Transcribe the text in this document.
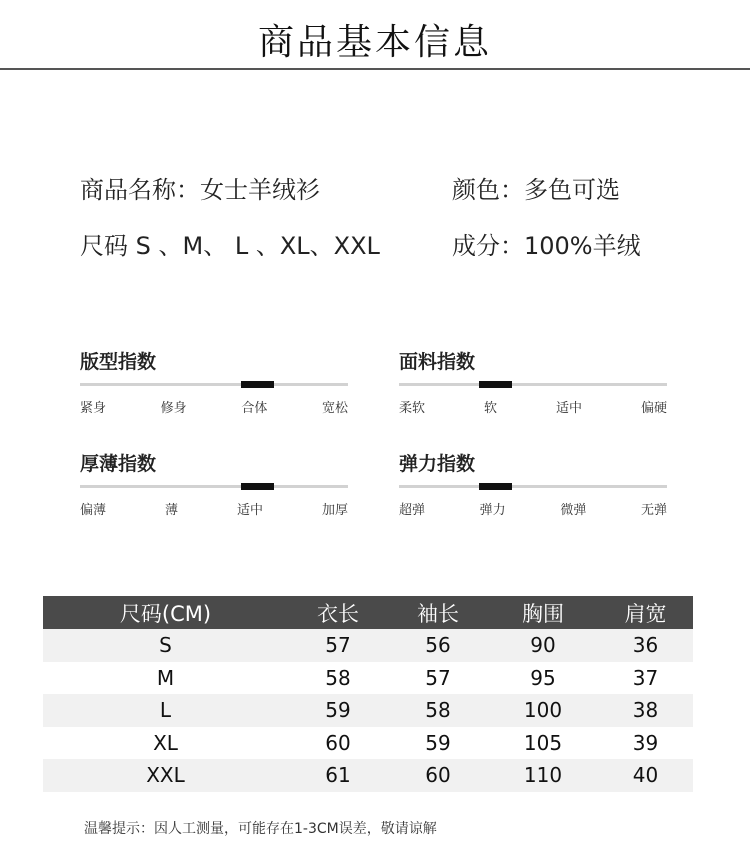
商品基本信息
商品名称：女士羊绒衫	颜色：多色可选
尺码 S 、M、 L 、XL、XXL	成分：100%羊绒
版型指数
紧身	修身	合体	宽松
面料指数
柔软	软	适中	偏硬
厚薄指数
偏薄	薄	适中	加厚
弹力指数
超弹	弹力	微弹	无弹
尺码(CM)	衣长	袖长	胸围	肩宽
S	57	56	90	36
M	58	57	95	37
L	59	58	100	38
XL	60	59	105	39
XXL	61	60	110	40
温馨提示：因人工测量，可能存在1-3CM误差，敬请谅解
